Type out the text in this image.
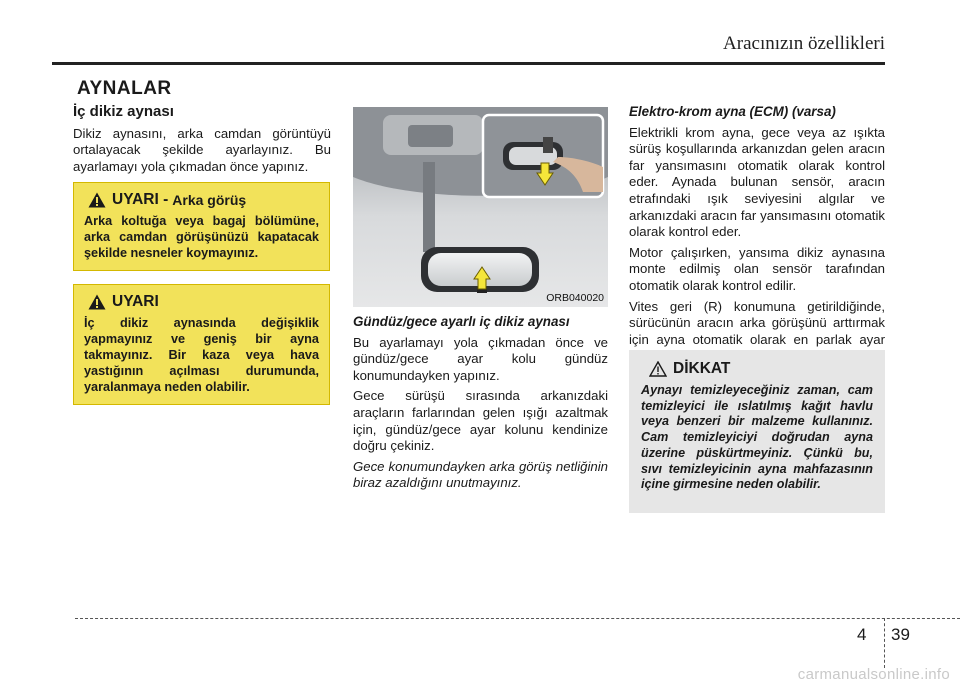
Aracınızın özellikleri
AYNALAR
İç dikiz aynası

Dikiz aynasını, arka camdan görüntüyü ortalayacak şekilde ayarlayınız. Bu ayarlamayı yola çıkmadan önce yapınız.

UYARI - Arka görüş
Arka koltuğa veya bagaj bölümüne, arka camdan görüşünüzü kapatacak şekilde nesneler koymayınız.
UYARI
İç dikiz aynasında değişiklik yapmayınız ve geniş bir ayna takmayınız. Bir kaza veya hava yastığının açılması durumunda, yaralanmaya neden olabilir.
ORB040020
Gündüz/gece ayarlı iç dikiz aynası

Bu ayarlamayı yola çıkmadan önce ve gündüz/gece ayar kolu gündüz konumundayken yapınız.

Gece sürüşü sırasında arkanızdaki araçların farlarından gelen ışığı azaltmak için, gündüz/gece ayar kolunu kendinize doğru çekiniz.

Gece konumundayken arka görüş netliğinin biraz azaldığını unutmayınız.

Elektro-krom ayna (ECM) (varsa)

Elektrikli krom ayna, gece veya az ışıkta sürüş koşullarında arkanızdan gelen aracın far yansımasını otomatik olarak kontrol eder. Aynada bulunan sensör, aracın etrafındaki ışık seviyesini algılar ve arkanızdaki aracın far yansımasını otomatik olarak kontrol eder.

Motor çalışırken, yansıma dikiz aynasına monte edilmiş olan sensör tarafından otomatik olarak kontrol edilir.

Vites geri (R) konumuna getirildiğinde, sürücünün aracın arka görüşünü arttırmak için ayna otomatik olarak en parlak ayar

DİKKAT
Aynayı temizleyeceğiniz zaman, cam temizleyici ile ıslatılmış kağıt havlu veya benzeri bir malzeme kullanınız. Cam temizleyiciyi doğrudan ayna üzerine püskürtmeyiniz. Çünkü bu, sıvı temizleyicinin ayna mahfazasının içine girmesine neden olabilir.
4 39
carmanualsonline.info
